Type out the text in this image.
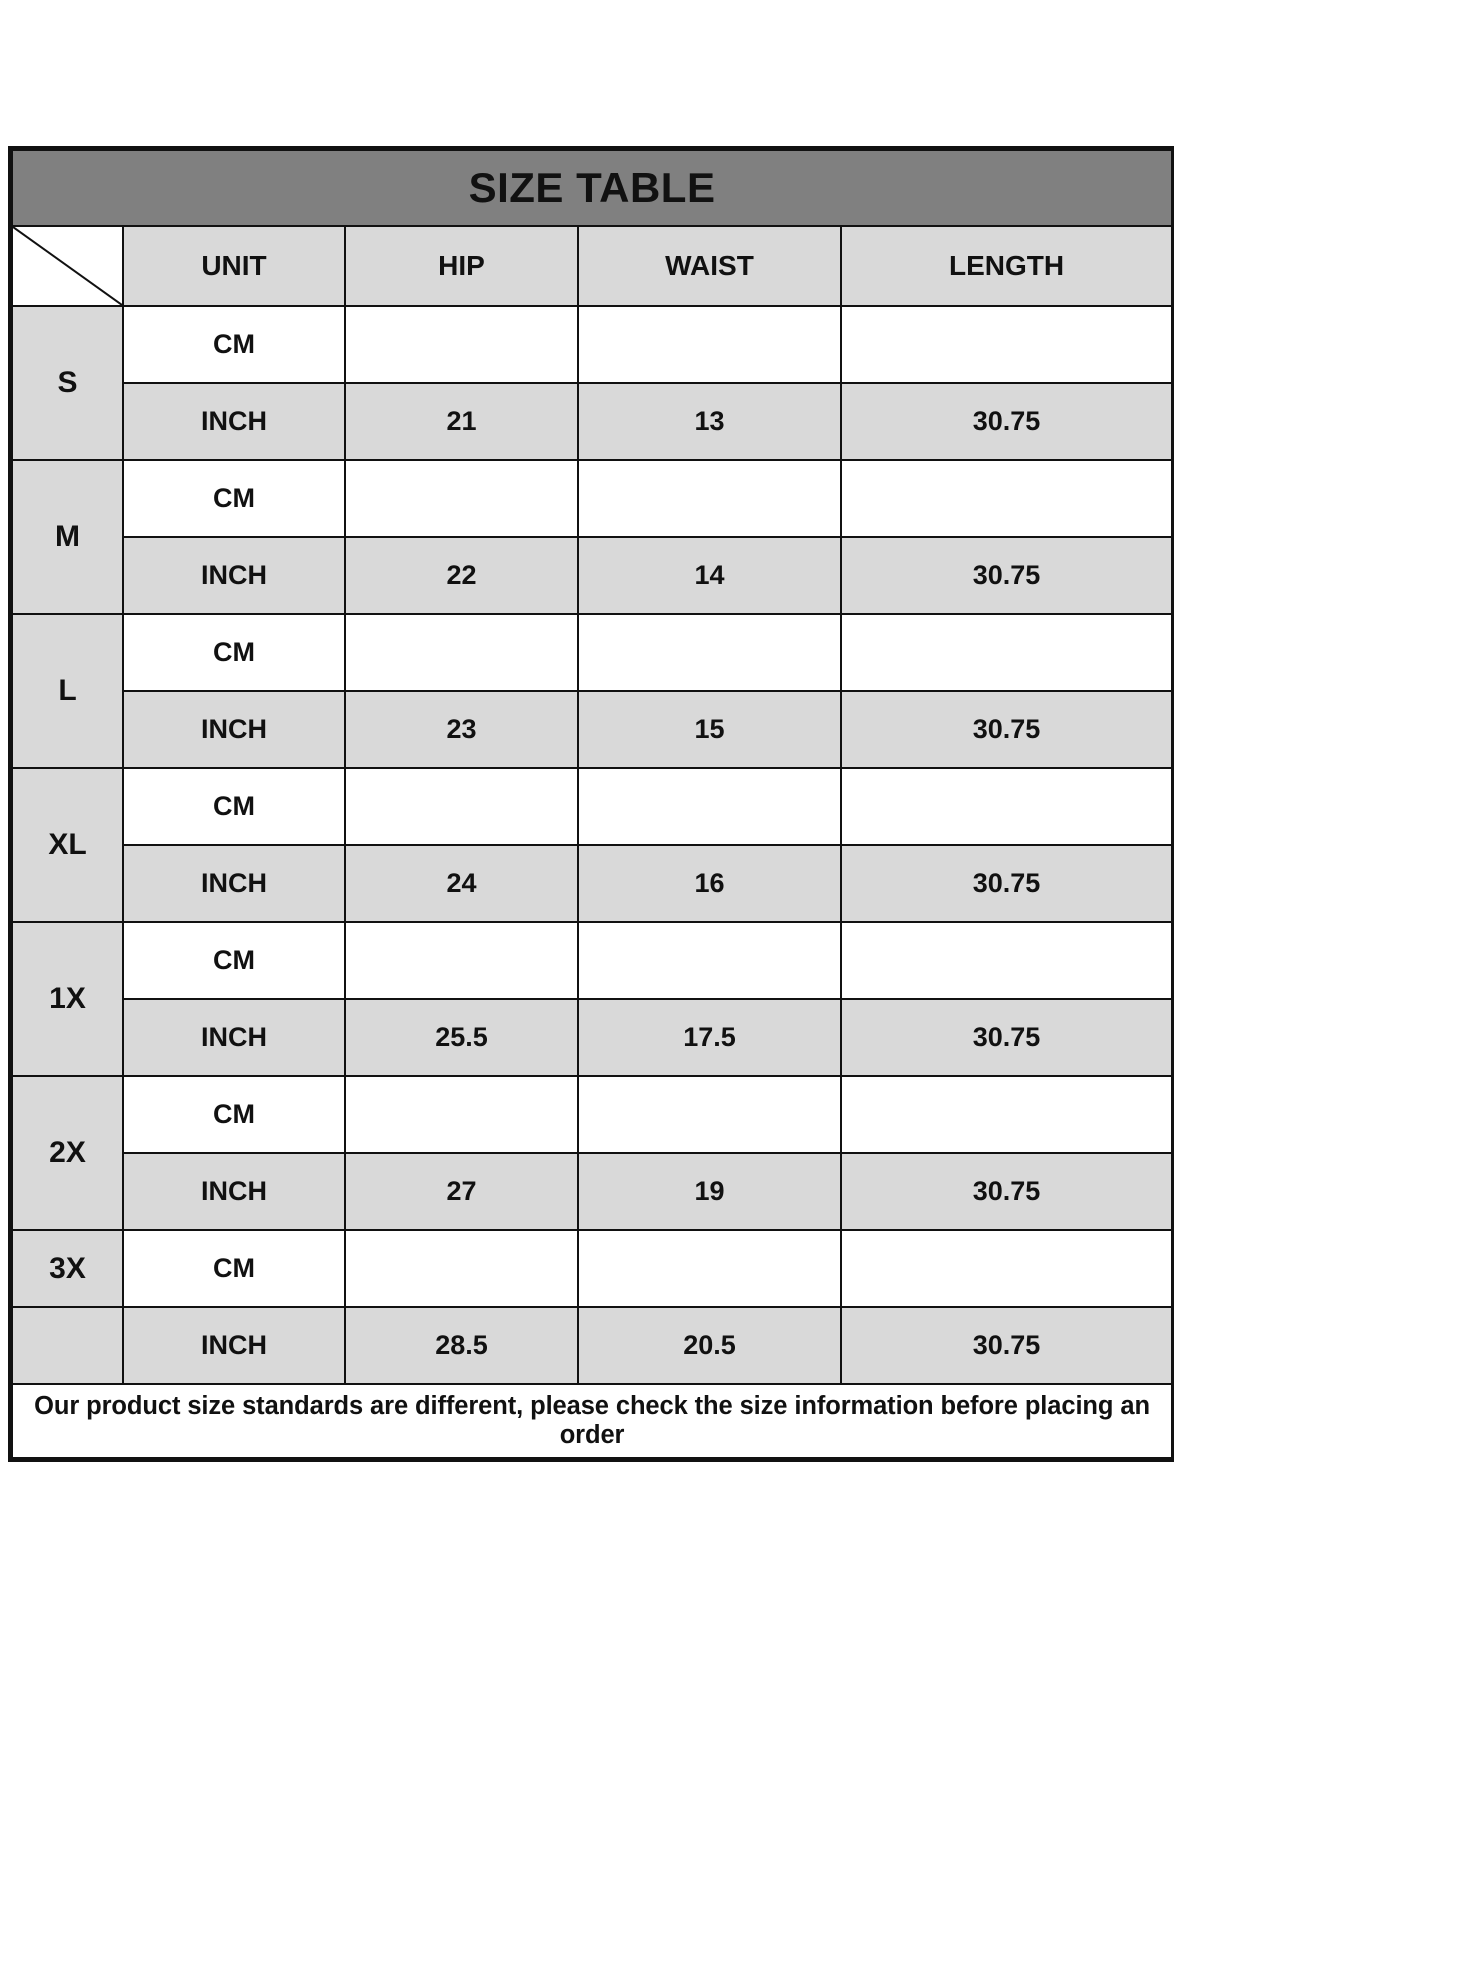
SIZE TABLE				

	UNIT	HIP	WAIST	LENGTH
S	CM			
	INCH	21	13	30.75
M	CM			
	INCH	22	14	30.75
L	CM			
	INCH	23	15	30.75
XL	CM			
	INCH	24	16	30.75
1X	CM			
	INCH	25.5	17.5	30.75
2X	CM			
	INCH	27	19	30.75
3X	CM			
	INCH	28.5	20.5	30.75
Our product size standards are different, please check the size information before placing an order				
